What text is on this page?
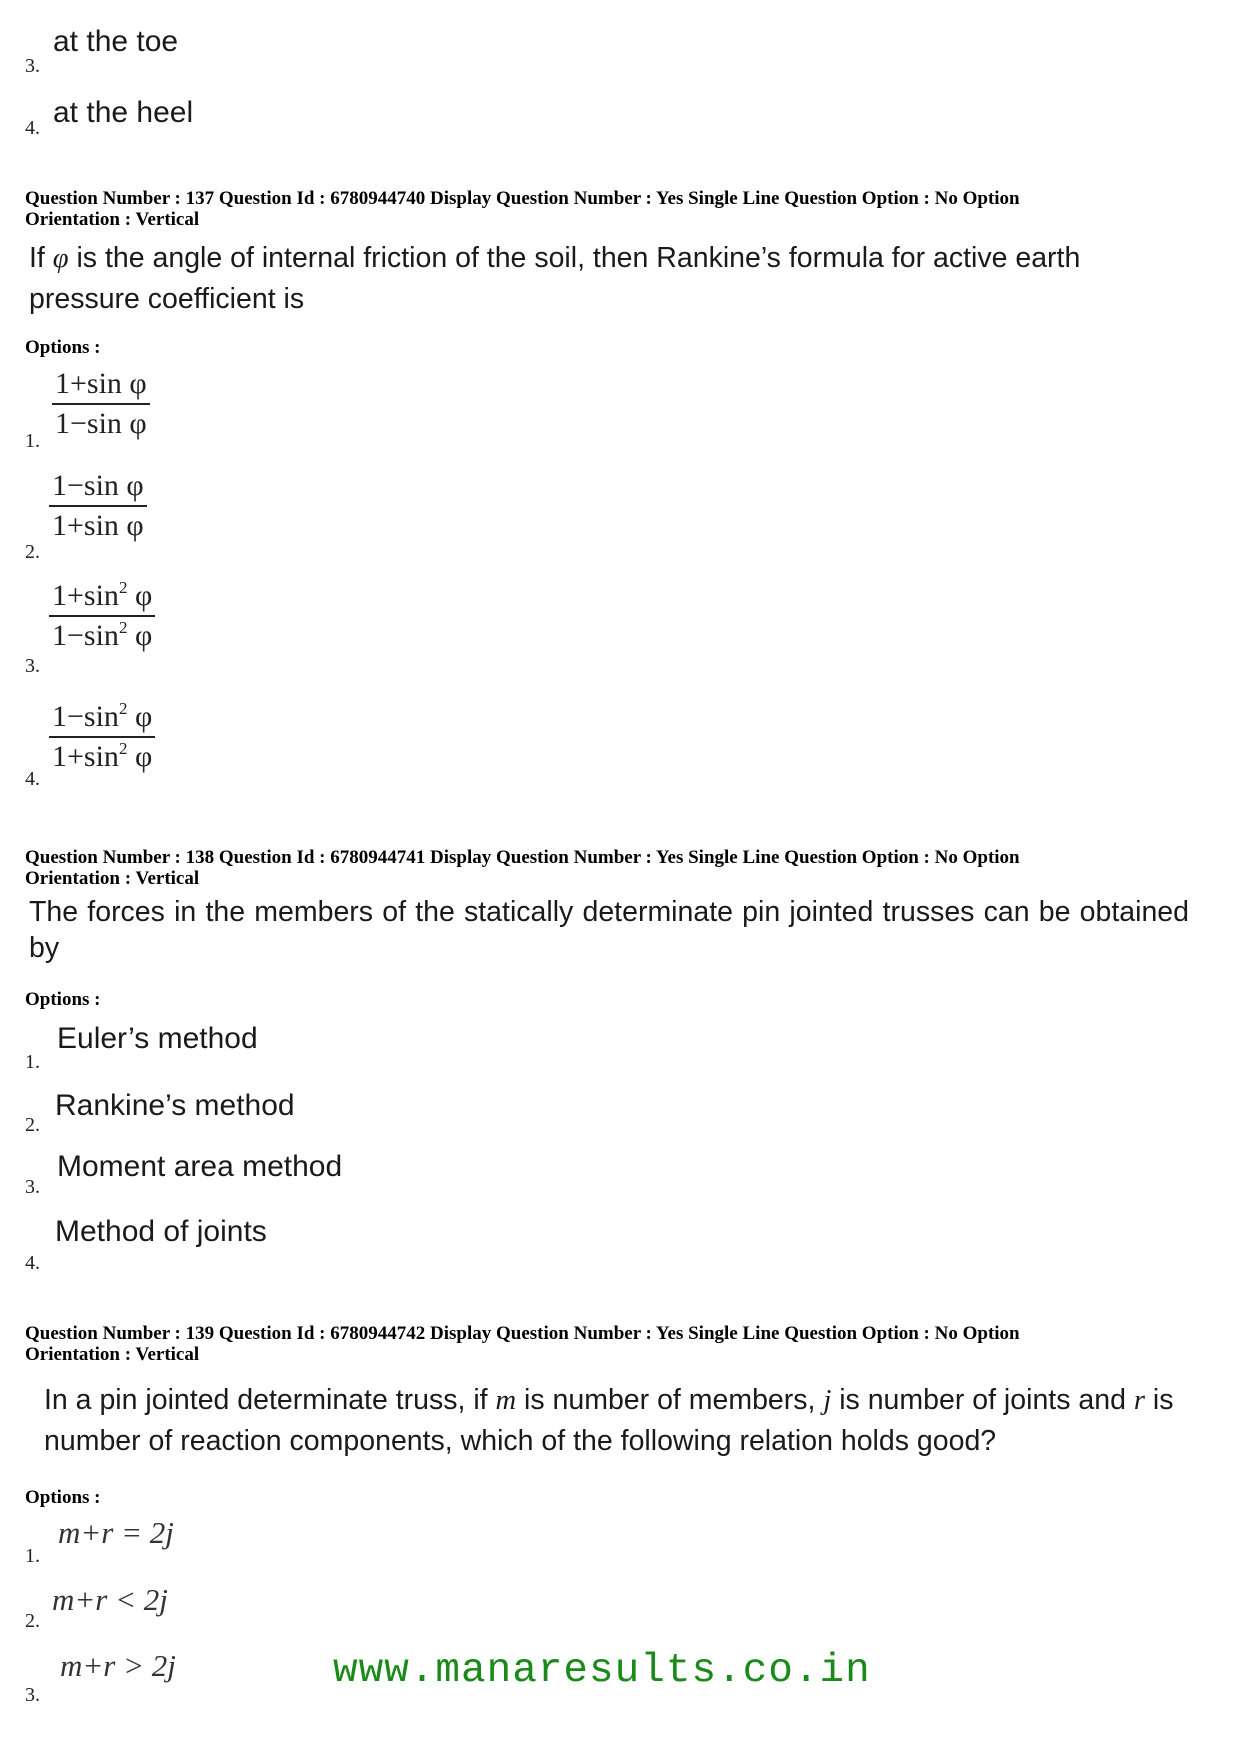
3.
at the toe
4. at the heel
Question Number : 137 Question Id : 6780944740 Display Question Number : Yes Single Line Question Option : No Option
Orientation : Vertical
If φ is the angle of internal friction of the soil, then Rankine’s formula for active earth pressure coefficient is
Options :
1.
1+sin φ
1−sin φ
2.
1−sin φ
1+sin φ
3.
$1+\sin^2$ φ
$1-\sin^2$ φ
4.
$1-\sin^2$ φ
$1+\sin^2$ φ
Question Number : 138 Question Id : 6780944741 Display Question Number : Yes Single Line Question Option : No Option
Orientation : Vertical
The forces in the members of the statically determinate pin jointed trusses can be obtained by
Options :
1.
Euler’s method
2.
Rankine’s method
3.
Moment area method
4.
Method of joints
Question Number : 139 Question Id : 6780944742 Display Question Number : Yes Single Line Question Option : No Option
Orientation : Vertical
In a pin jointed determinate truss, if m is number of members, j is number of joints and r is number of reaction components, which of the following relation holds good?
Options :
1.
m+r = 2j
2.
m+r < 2j
3.
m+r > 2j	www.manaresults.co.in
